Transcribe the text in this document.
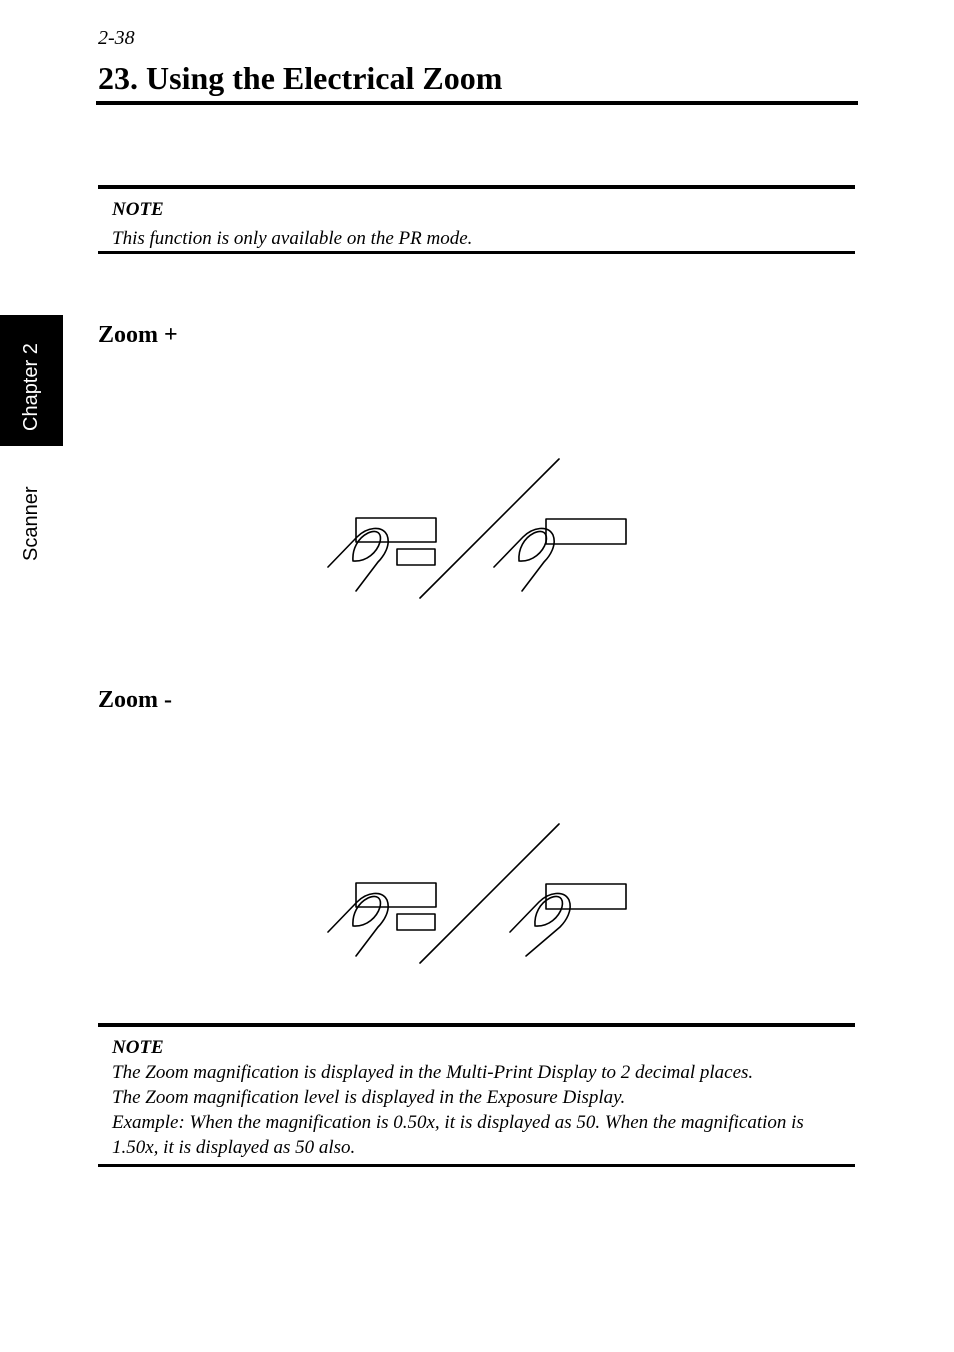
2-38
23. Using the Electrical Zoom
Chapter 2
Scanner
NOTE
This function is only available on the PR mode.
Zoom +
Zoom -
NOTE
The Zoom magnification is displayed in the Multi-Print Display to 2 decimal places.
The Zoom magnification level is displayed in the Exposure Display.
Example: When the magnification is 0.50x, it is displayed as 50. When the magnification is
1.50x, it is displayed as 50 also.
